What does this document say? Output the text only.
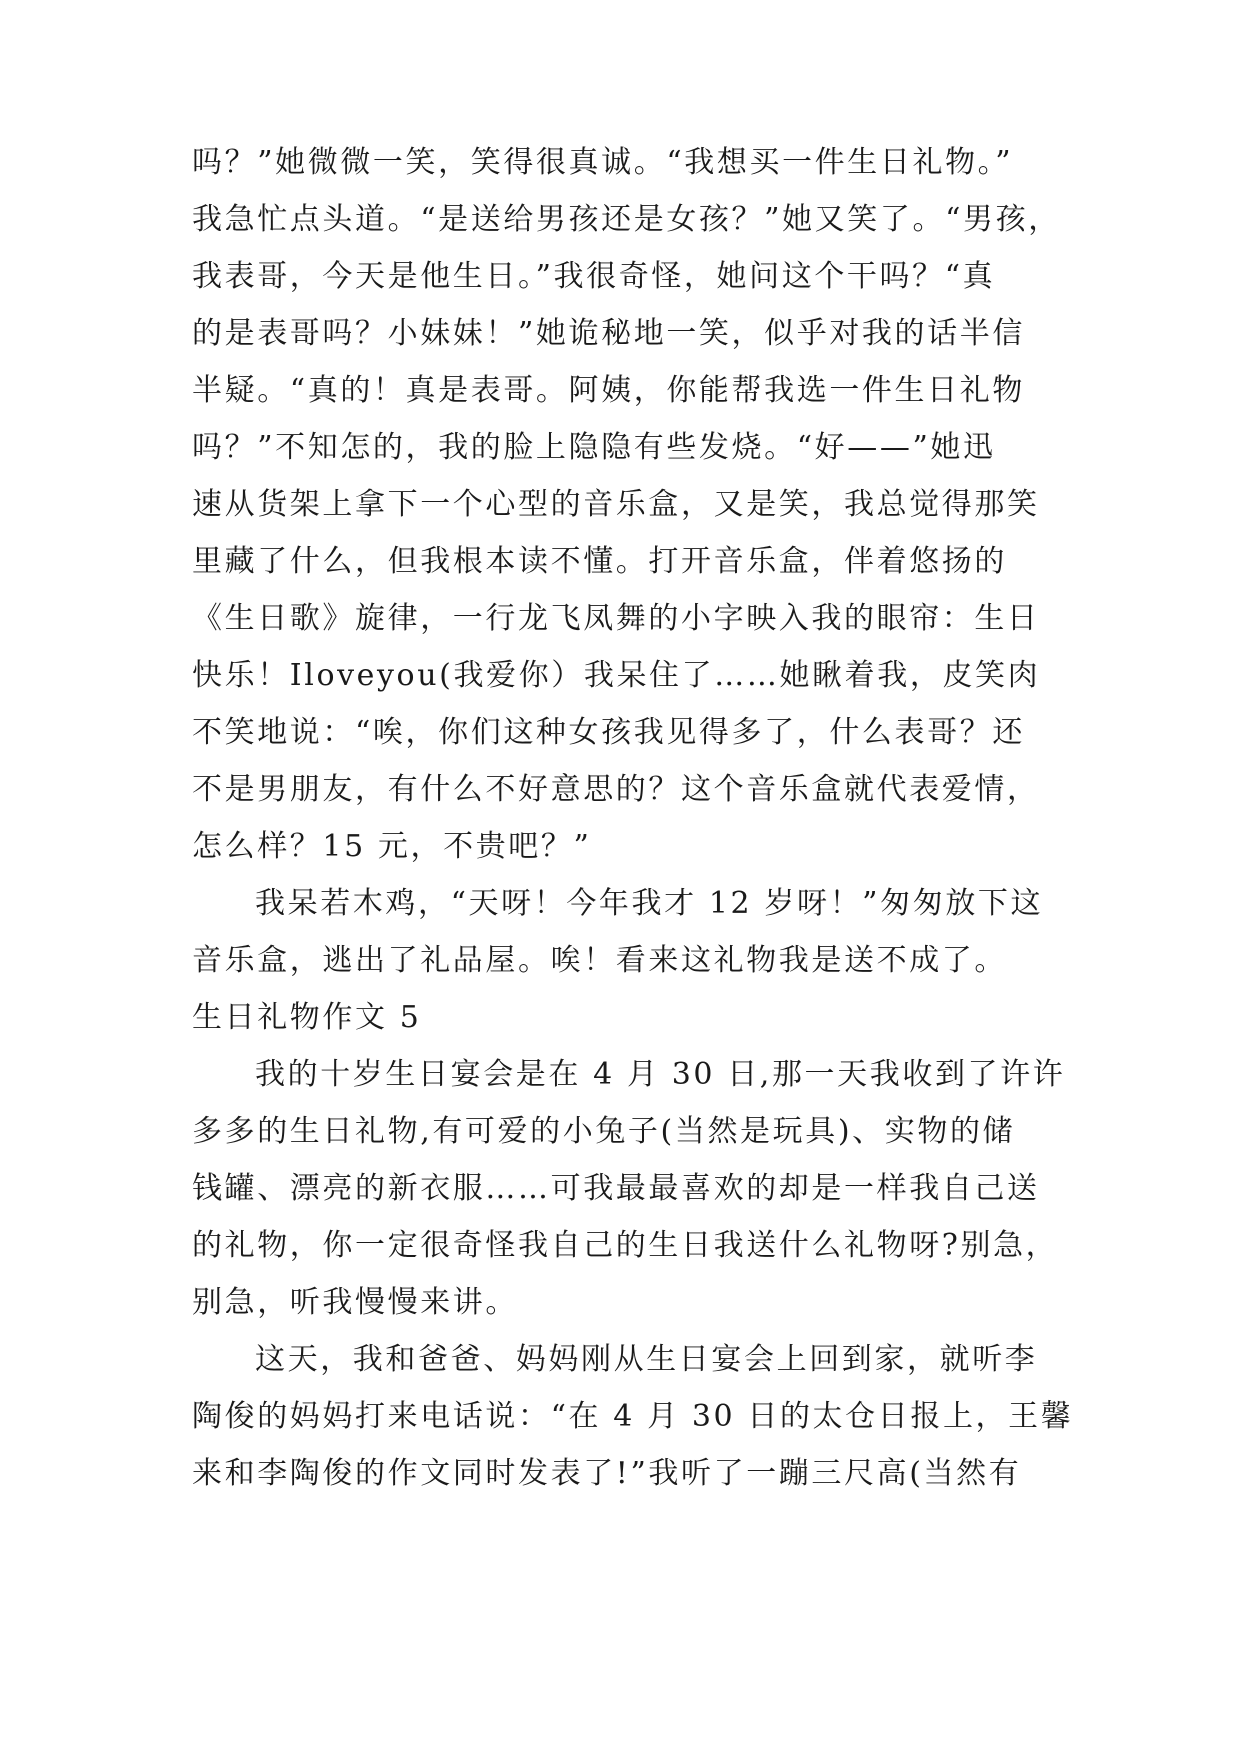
吗？”她微微一笑，笑得很真诚。“我想买一件生日礼物。”
我急忙点头道。“是送给男孩还是女孩？”她又笑了。“男孩，
我表哥，今天是他生日。”我很奇怪，她问这个干吗？“真
的是表哥吗？小妹妹！”她诡秘地一笑，似乎对我的话半信
半疑。“真的！真是表哥。阿姨，你能帮我选一件生日礼物
吗？”不知怎的，我的脸上隐隐有些发烧。“好——”她迅
速从货架上拿下一个心型的音乐盒，又是笑，我总觉得那笑
里藏了什么，但我根本读不懂。打开音乐盒，伴着悠扬的
《生日歌》旋律，一行龙飞凤舞的小字映入我的眼帘：生日
快乐！Iloveyou(我爱你）我呆住了……她瞅着我，皮笑肉
不笑地说：“唉，你们这种女孩我见得多了，什么表哥？还
不是男朋友，有什么不好意思的？这个音乐盒就代表爱情，
怎么样？15 元，不贵吧？”
我呆若木鸡，“天呀！今年我才 12 岁呀！”匆匆放下这
音乐盒，逃出了礼品屋。唉！看来这礼物我是送不成了。
生日礼物作文 5
我的十岁生日宴会是在 4 月 30 日,那一天我收到了许许
多多的生日礼物,有可爱的小兔子(当然是玩具)、实物的储
钱罐、漂亮的新衣服……可我最最喜欢的却是一样我自己送
的礼物，你一定很奇怪我自己的生日我送什么礼物呀?别急，
别急，听我慢慢来讲。
这天，我和爸爸、妈妈刚从生日宴会上回到家，就听李
陶俊的妈妈打来电话说：“在 4 月 30 日的太仓日报上，王馨
来和李陶俊的作文同时发表了!”我听了一蹦三尺高(当然有
